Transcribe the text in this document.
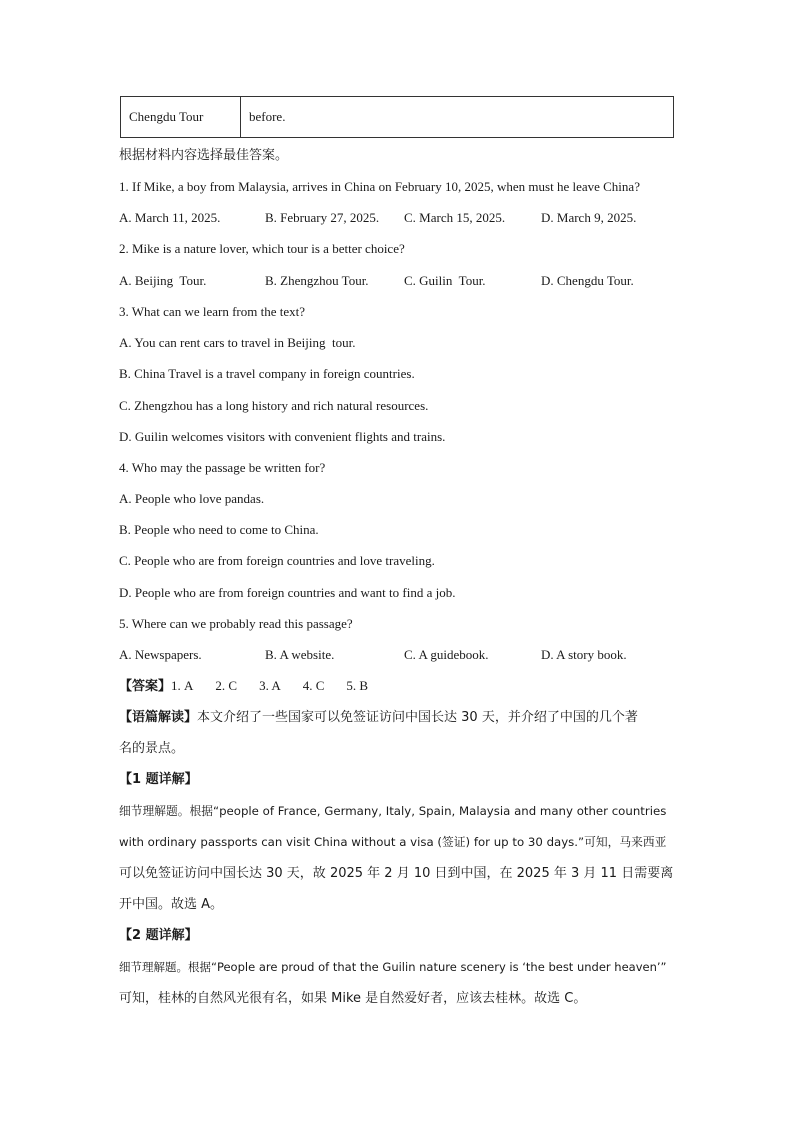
Chengdu Tour	before.
根据材料内容选择最佳答案。
1. If Mike, a boy from Malaysia, arrives in China on February 10, 2025, when must he leave China?
A. March 11, 2025.	B. February 27, 2025. C. March 15, 2025.	D. March 9, 2025.
2. Mike is a nature lover, which tour is a better choice?
A. Beijing  Tour.	B. Zhengzhou Tour.	C. Guilin  Tour.	D. Chengdu Tour.
3. What can we learn from the text?
A. You can rent cars to travel in Beijing  tour.
B. China Travel is a travel company in foreign countries.
C. Zhengzhou has a long history and rich natural resources.
D. Guilin welcomes visitors with convenient flights and trains.
4. Who may the passage be written for?
A. People who love pandas.
B. People who need to come to China.
C. People who are from foreign countries and love traveling.
D. People who are from foreign countries and want to find a job.
5. Where can we probably read this passage?
A. Newspapers.	B. A website.	C. A guidebook.	D. A story book.
【答案】1. A 2. C 3. A 4. C 5. B
【语篇解读】本文介绍了一些国家可以免签证访问中国长达 30 天，并介绍了中国的几个著
名的景点。
【1 题详解】
细节理解题。根据“people of France, Germany, Italy, Spain, Malaysia and many other countries
with ordinary passports can visit China without a visa (签证) for up to 30 days.”可知，马来西亚
可以免签证访问中国长达 30 天，故 2025 年 2 月 10 日到中国，在 2025 年 3 月 11 日需要离
开中国。故选 A。
【2 题详解】
细节理解题。根据“People are proud of that the Guilin nature scenery is ‘the best under heaven’”
可知，桂林的自然风光很有名，如果 Mike 是自然爱好者，应该去桂林。故选 C。
